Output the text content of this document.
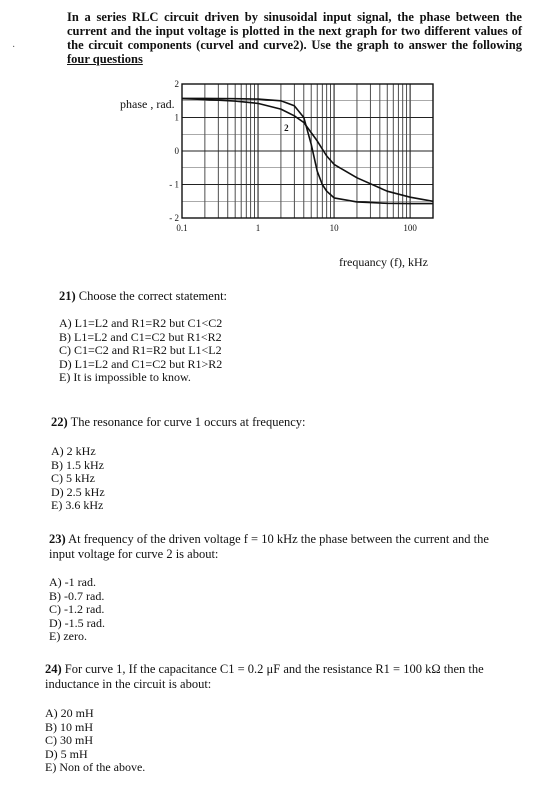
In a series RLC circuit driven by sinusoidal input signal, the phase between the current and the input voltage is plotted in the next graph for two different values of the circuit components (curvel and curve2). Use the graph to answer the following four questions
·
2
2
1
0
- 1
- 2
0.1	1	10	100
phase , rad.
frequancy (f), kHz
21) Choose the correct statement:
A) L1=L2 and R1=R2 but C1<C2
B) L1=L2 and C1=C2 but R1<R2
C) C1=C2 and R1=R2 but L1<L2
D) L1=L2 and C1=C2 but R1>R2
E) It is impossible to know.
22) The resonance for curve 1 occurs at frequency:
A) 2 kHz
B) 1.5 kHz
C) 5 kHz
D) 2.5 kHz
E) 3.6 kHz
23) At frequency of the driven voltage f = 10 kHz the phase between the current and the input voltage for curve 2 is about:
A) -1 rad.
B) -0.7 rad.
C) -1.2 rad.
D) -1.5 rad.
E) zero.
24) For curve 1, If the capacitance C1 = 0.2 μF and the resistance R1 = 100 kΩ then the inductance in the circuit is about:
A) 20 mH
B) 10 mH
C) 30 mH
D) 5 mH
E) Non of the above.
